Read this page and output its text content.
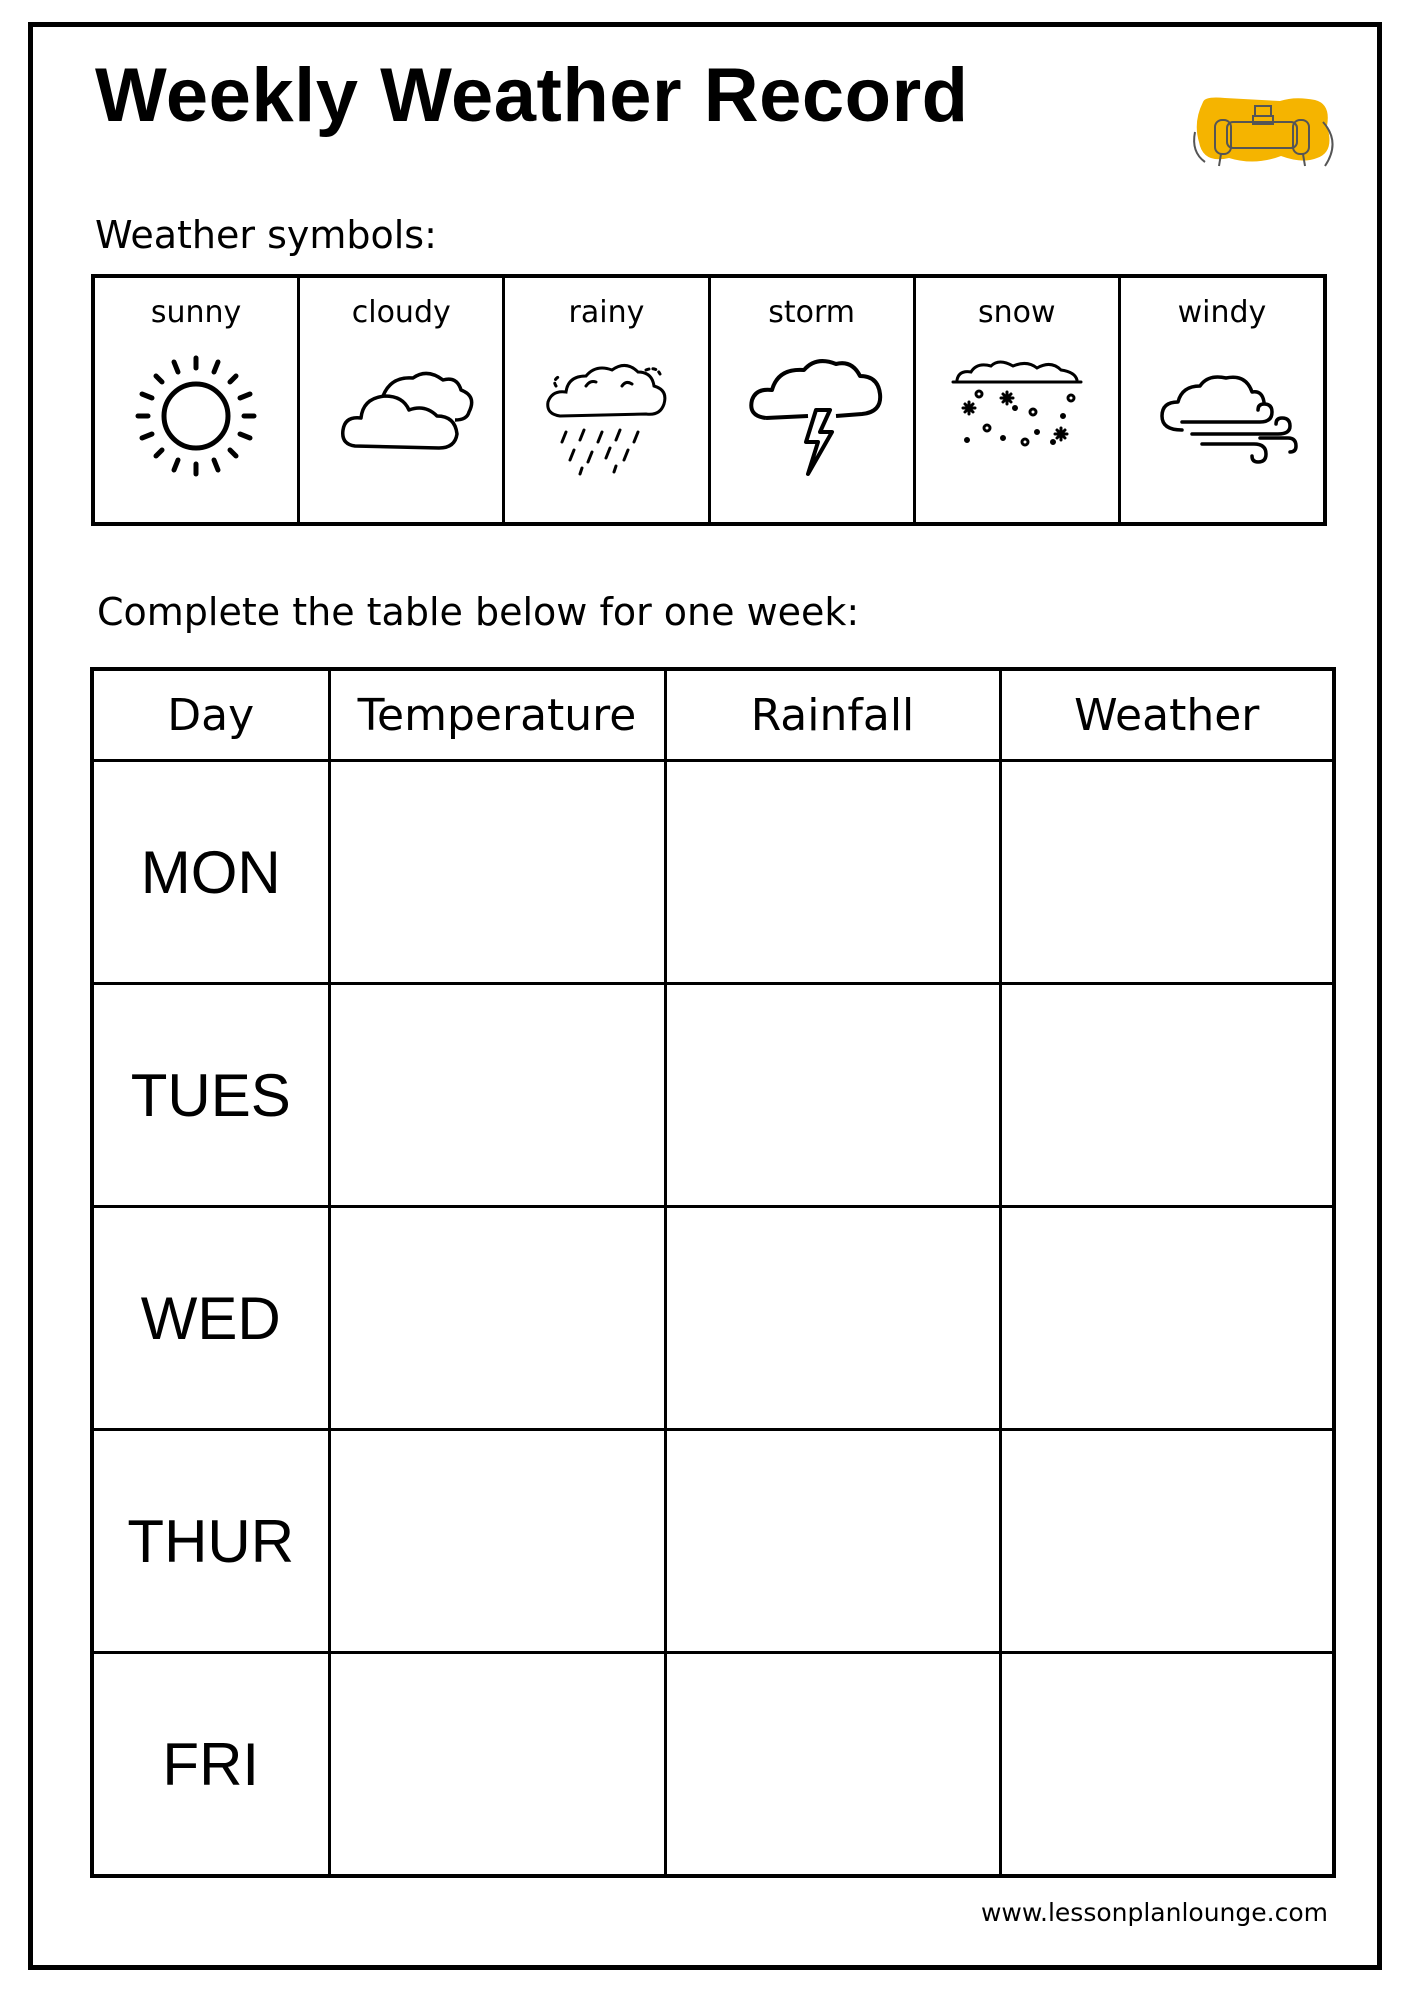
Weekly Weather Record

Weather symbols:

sunny	cloudy	rainy	storm	snow	windy

Complete the table below for one week:

Day	Temperature	Rainfall	Weather
MON			
TUES			
WED			
THUR			
FRI			
www.lessonplanlounge.com
